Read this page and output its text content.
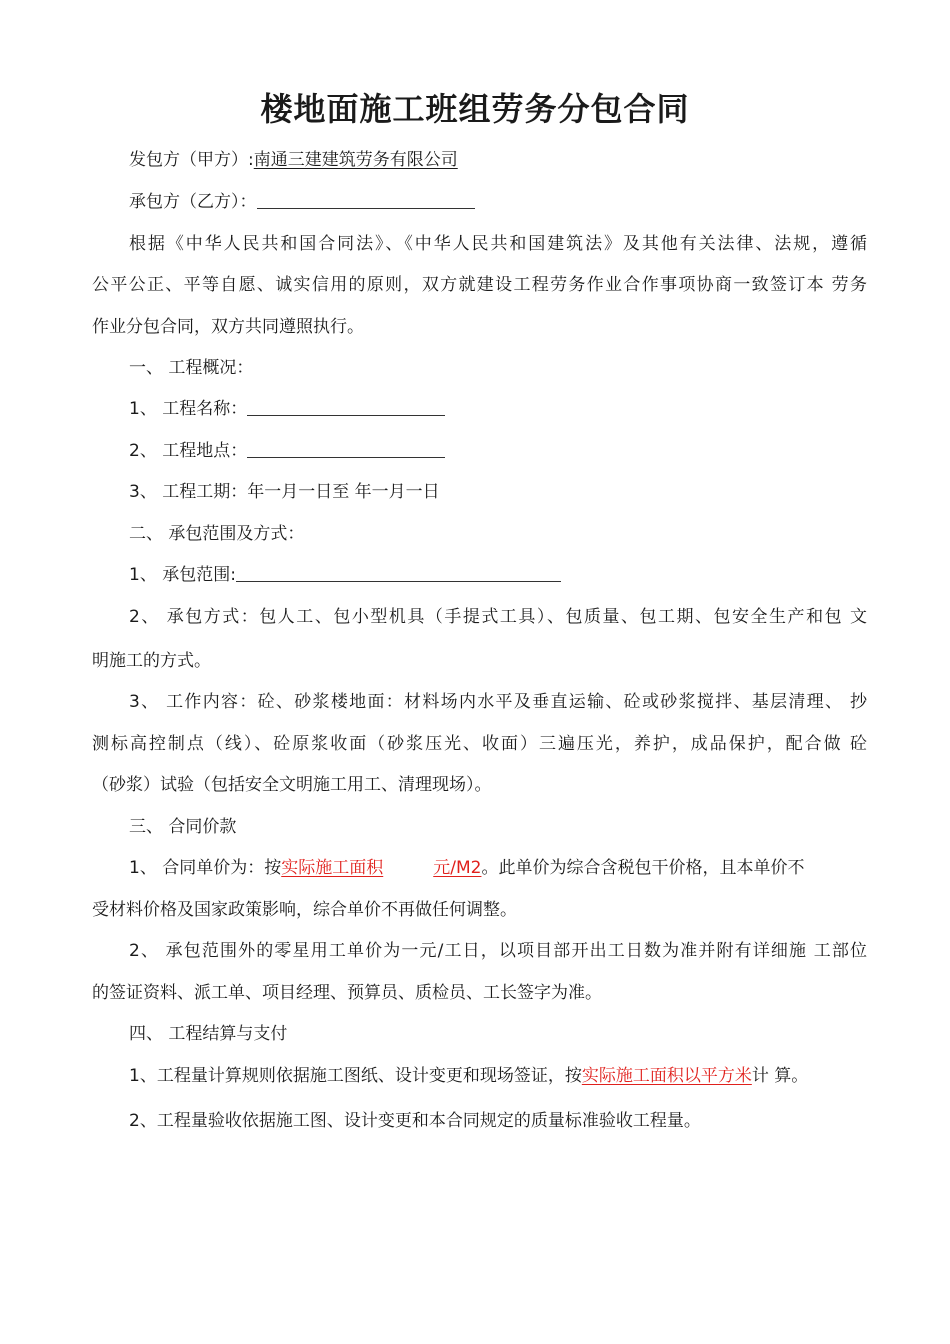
楼地面施工班组劳务分包合同
发包方（甲方）:南通三建建筑劳务有限公司
承包方（乙方）：
根据《中华人民共和国合同法》、《中华人民共和国建筑法》及其他有关法律、法规，遵循
公平公正、平等自愿、诚实信用的原则，双方就建设工程劳务作业合作事项协商一致签订本 劳务
作业分包合同，双方共同遵照执行。
一、 工程概况：
1、 工程名称：
2、 工程地点：
3、 工程工期：年一月一日至 年一月一日
二、 承包范围及方式：
1、 承包范围:
2、 承包方式：包人工、包小型机具（手提式工具）、包质量、包工期、包安全生产和包 文
明施工的方式。
3、 工作内容：砼、砂浆楼地面：材料场内水平及垂直运输、砼或砂浆搅拌、基层清理、 抄
测标高控制点（线）、砼原浆收面（砂浆压光、收面）三遍压光，养护，成品保护，配合做 砼
（砂浆）试验（包括安全文明施工用工、清理现场）。
三、 合同价款
1、 合同单价为：按实际施工面积	元/M2。此单价为综合含税包干价格，且本单价不
受材料价格及国家政策影响，综合单价不再做任何调整。
2、 承包范围外的零星用工单价为一元/工日，以项目部开出工日数为准并附有详细施 工部位
的签证资料、派工单、项目经理、预算员、质检员、工长签字为准。
四、 工程结算与支付
1、工程量计算规则依据施工图纸、设计变更和现场签证，按实际施工面积以平方米计 算。
2、工程量验收依据施工图、设计变更和本合同规定的质量标准验收工程量。
